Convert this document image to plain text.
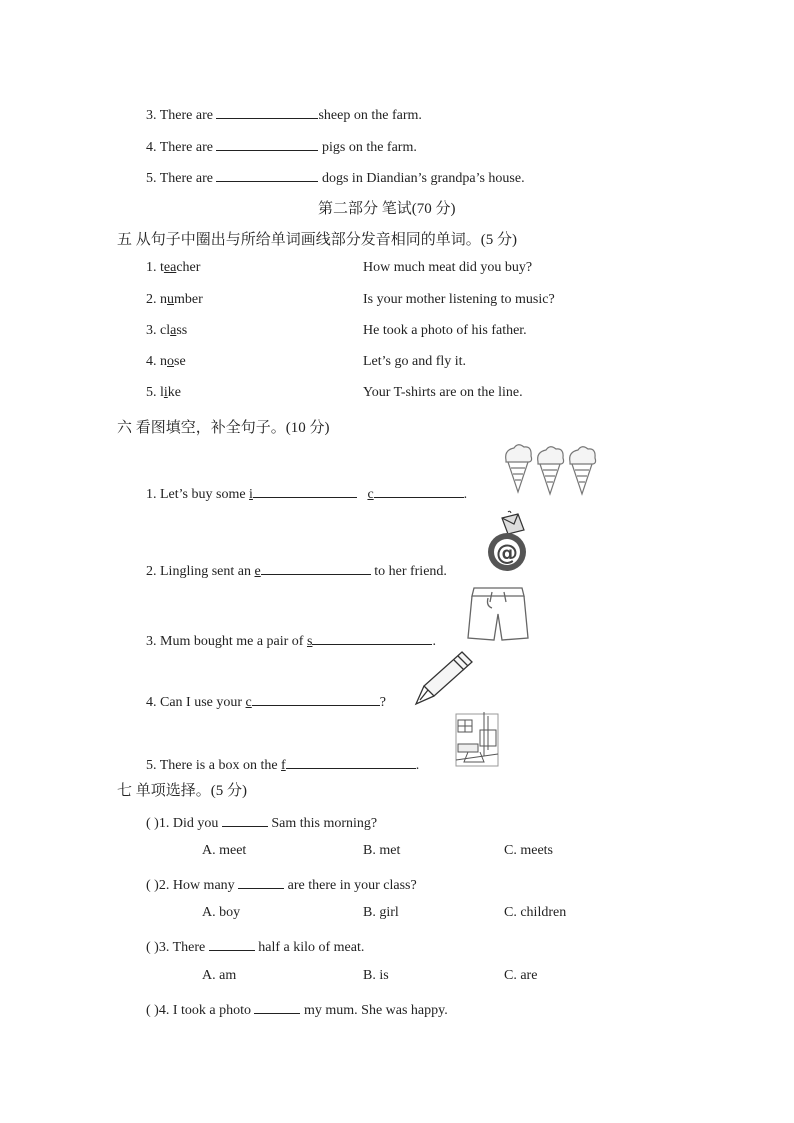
3. There are	sheep on the farm.
4. There are	pigs on the farm.
5. There are	dogs in Diandian’s grandpa’s house.
第二部分 笔试(70 分)
五 从句子中圈出与所给单词画线部分发音相同的单词。(5 分)
1. teacher	How much meat did you buy?
2. number	Is your mother listening to music?
3. class	He took a photo of his father.
4. nose	Let’s go and fly it.
5. like	Your T-shirts are on the line.
六 看图填空，补全句子。(10 分)
1. Let’s buy some i	c	.
2. Lingling sent an e	to her friend.
@
3. Mum bought me a pair of s	.
4. Can I use your c	?
5. There is a box on the f	.
七 单项选择。(5 分)
( )1. Did you	Sam this morning?
A. meet	B. met	C. meets
( )2. How many	are there in your class?
A. boy	B. girl	C. children
( )3. There	half a kilo of meat.
A. am	B. is	C. are
( )4. I took a photo	my mum. She was happy.
